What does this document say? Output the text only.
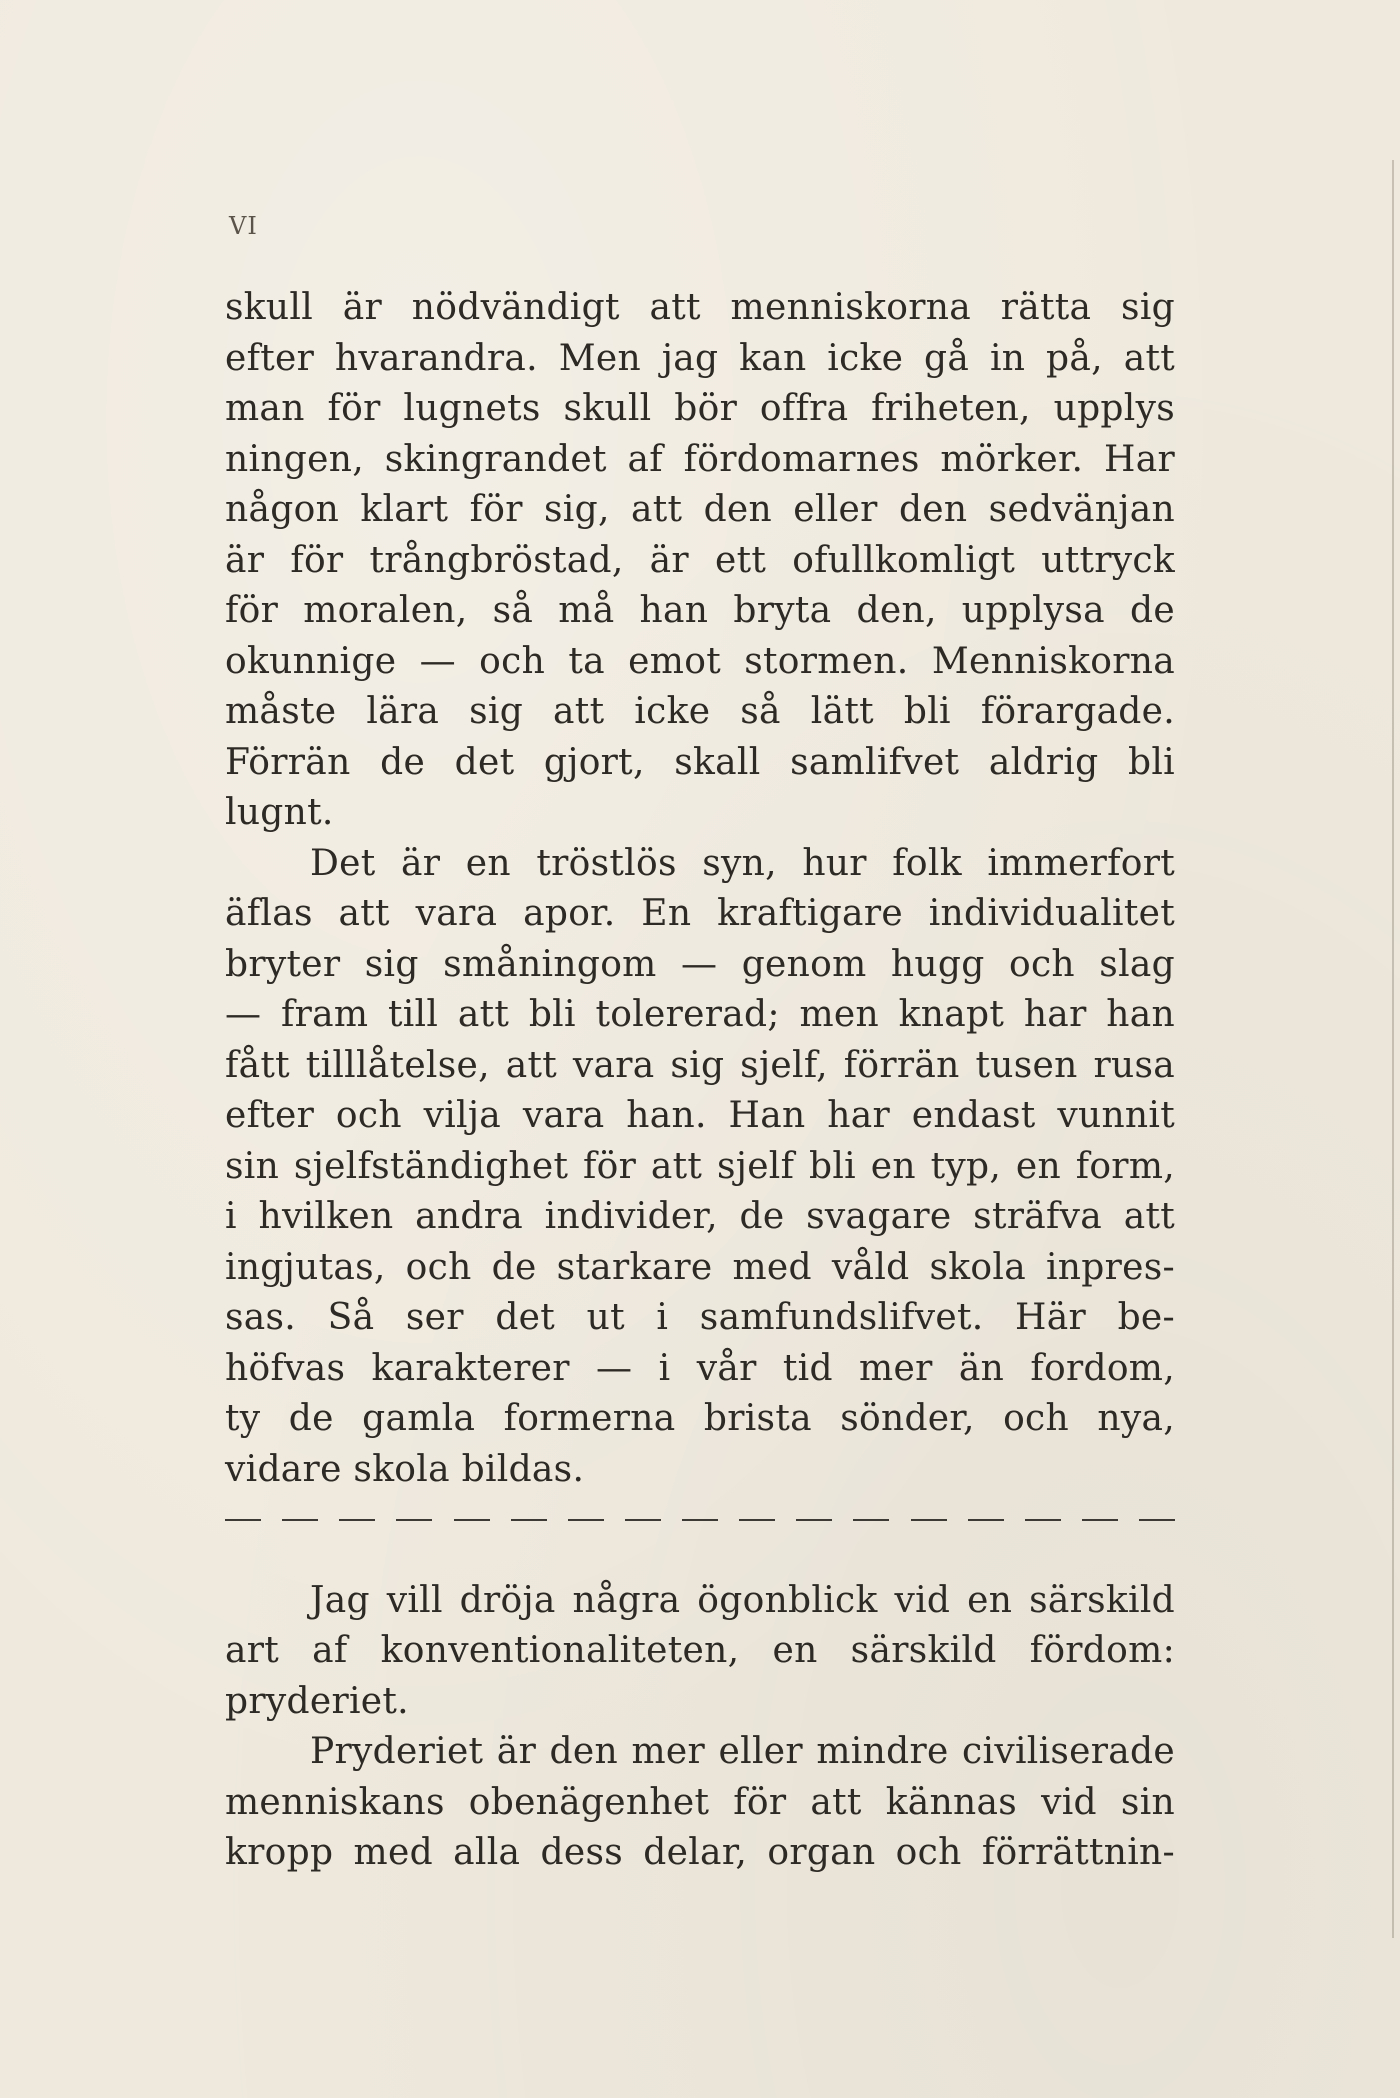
VI

skull är nödvändigt att menniskorna rätta sig
efter hvarandra. Men jag kan icke gå in på, att
man för lugnets skull bör offra friheten, upplys
ningen, skingrandet af fördomarnes mörker. Har
någon klart för sig, att den eller den sedvänjan
är för trångbröstad, är ett ofullkomligt uttryck
för moralen, så må han bryta den, upplysa de
okunnige — och ta emot stormen. Menniskorna
måste lära sig att icke så lätt bli förargade.
Förrän de det gjort, skall samlifvet aldrig bli
lugnt.
Det är en tröstlös syn, hur folk immerfort
äflas att vara apor. En kraftigare individualitet
bryter sig småningom — genom hugg och slag
— fram till att bli tolererad; men knapt har han
fått tilllåtelse, att vara sig sjelf, förrän tusen rusa
efter och vilja vara han. Han har endast vunnit
sin sjelfständighet för att sjelf bli en typ, en form,
i hvilken andra individer, de svagare sträfva att
ingjutas, och de starkare med våld skola inpres-
sas. Så ser det ut i samfundslifvet. Här be-
höfvas karakterer — i vår tid mer än fordom,
ty de gamla formerna brista sönder, och nya,
vidare skola bildas.
Jag vill dröja några ögonblick vid en särskild
art af konventionaliteten, en särskild fördom:
pryderiet.
Pryderiet är den mer eller mindre civiliserade
menniskans obenägenhet för att kännas vid sin
kropp med alla dess delar, organ och förrättnin-
